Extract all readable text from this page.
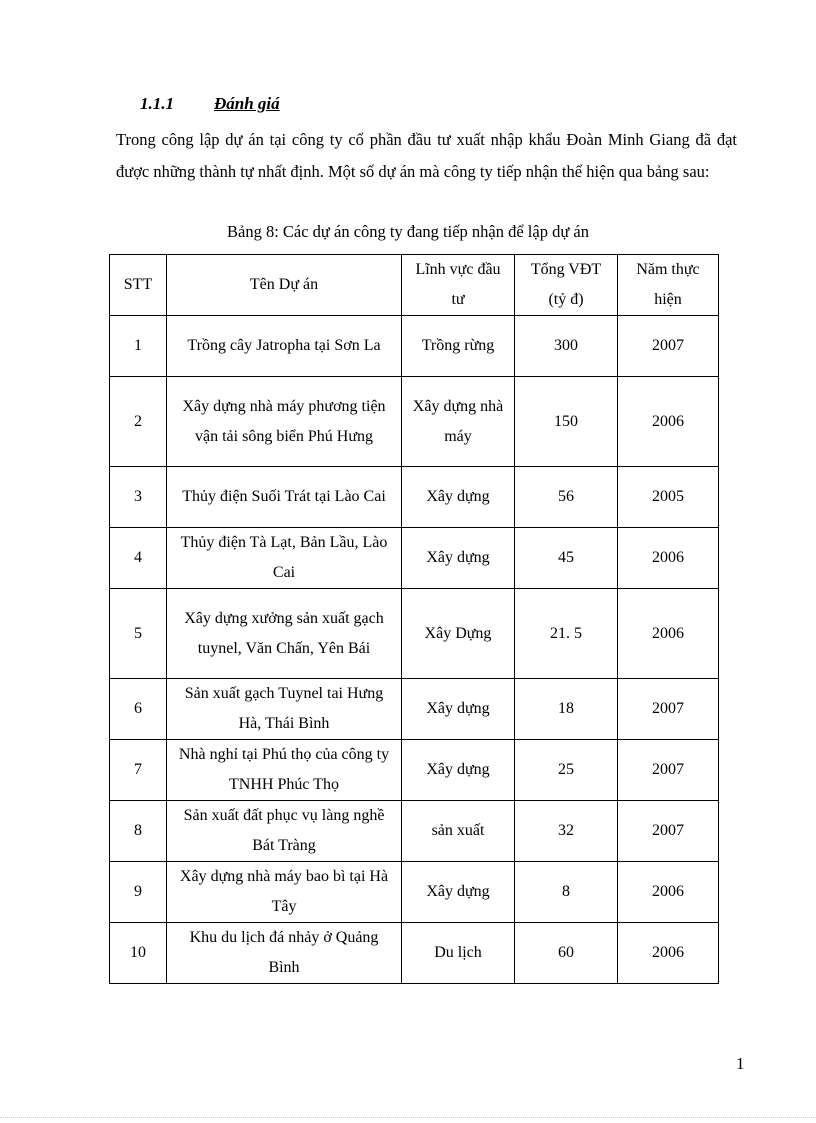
1.1.1	Đánh giá
Trong công lập dự án tại công ty cổ phần đầu tư xuất nhập khẩu Đoàn Minh Giang đã đạt được những thành tự nhất định. Một số dự án mà công ty tiếp nhận thể hiện qua bảng sau:
Bảng 8: Các dự án công ty đang tiếp nhận để lập dự án
STT	Tên Dự án	Lĩnh vực đầu tư	Tổng VĐT (tỷ đ)	Năm thực hiện
1	Trồng cây Jatropha tại Sơn La	Trồng rừng	300	2007
2	Xây dựng nhà máy phương tiện vận tải sông biển Phú Hưng	Xây dựng nhà máy	150	2006
3	Thủy điện Suối Trát tại Lào Cai	Xây dựng	56	2005
4	Thủy điện Tà Lạt, Bản Lầu, Lào Cai	Xây dựng	45	2006
5	Xây dựng xưởng sản xuất gạch tuynel, Văn Chấn, Yên Bái	Xây Dựng	21. 5	2006
6	Sản xuất gạch Tuynel tai Hưng Hà, Thái Bình	Xây dựng	18	2007
7	Nhà nghỉ tại Phú thọ của công ty TNHH Phúc Thọ	Xây dựng	25	2007
8	Sản xuất đất phục vụ làng nghề Bát Tràng	sản xuất	32	2007
9	Xây dựng nhà máy bao bì tại Hà Tây	Xây dựng	8	2006
10	Khu du lịch đá nhảy ở Quảng Bình	Du lịch	60	2006
1
